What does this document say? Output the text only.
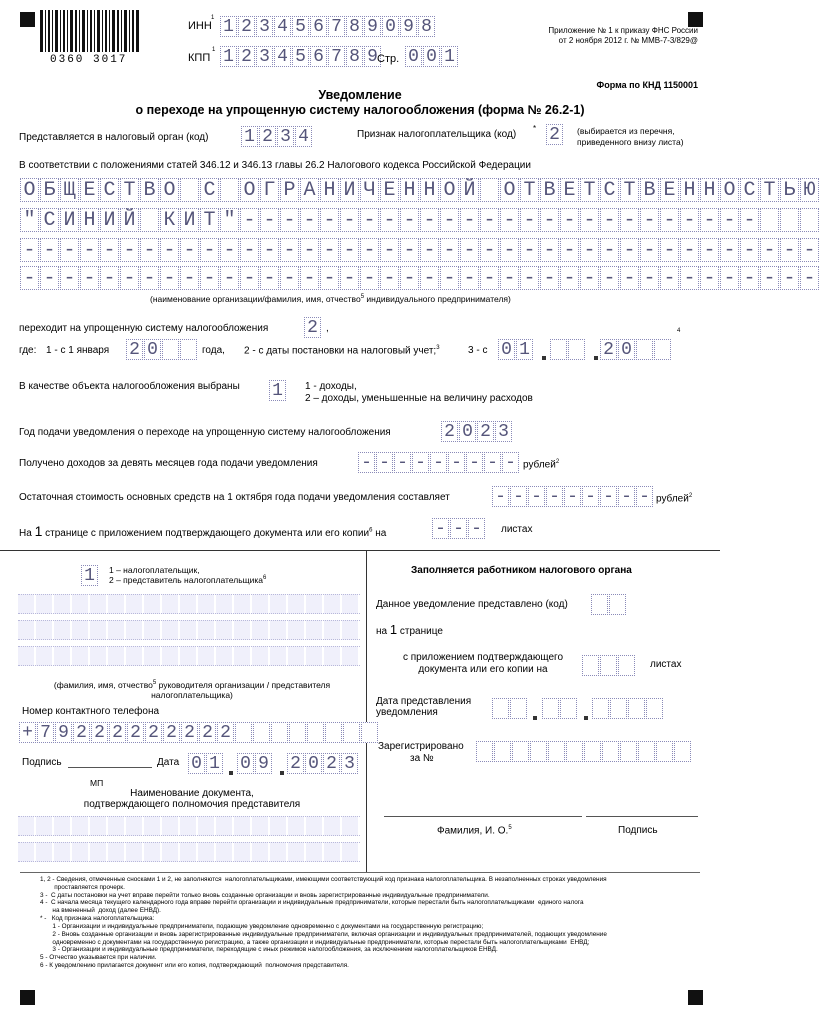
0360 3017
ИНН
1 1 2 3 4 5 6 7 8 9 0 9 8
КПП
1 1 2 3 4 5 6 7 8 9 Стр. 0 0 1
Приложение № 1 к приказу ФНС России
от 2 ноября 2012 г. № ММВ-7-3/829@
Форма по КНД 1150001
Уведомление
о переходе на упрощенную систему налогообложения (форма № 26.2-1)
Представляется в налоговый орган (код) 1 2 3 4	Признак налогоплательщика (код)
* 2	(выбирается из перечня,
приведенного внизу листа)
В соответствии с положениями статей 346.12 и 346.13 главы 26.2 Налогового кодекса Российской Федерации
О Б Щ Е С Т В О С О Г Р А Н И Ч Е Н Н О Й О Т В Е Т С Т В Е Н Н О С Т Ь Ю
" С И Н И Й К И Т " - - - - - - - - - - - - - - - - - - - - - - - - - -
- - - - - - - - - - - - - - - - - - - - - - - - - - - - - - - - - - - - - - - -
- - - - - - - - - - - - - - - - - - - - - - - - - - - - - - - - - - - - - - - -
(наименование организации/фамилия, имя, отчество$^5$ индивидуального предпринимателя)
переходит на упрощенную систему налогообложения 2 ,
где: 1 - с 1 января 2 0	года, 2 - с даты постановки на налоговый учет;$^3$	3 - с 0 1	2 0
4
В качестве объекта налогообложения выбраны 1	1 - доходы,
2 – доходы, уменьшенные на величину расходов
Год подачи уведомления о переходе на упрощенную систему налогообложения	2 0 2 3
Получено доходов за девять месяцев года подачи уведомления - - - - - - - - - рублей$^2$
Остаточная стоимость основных средств на 1 октября года подачи уведомления составляет	- - - - - - - - - рублей$^2$
На 1 странице с приложением подтверждающего документа или его копии$^6$ на	- - -	листах
1	1 – налогоплательщик,
2 – представитель налогоплательщика$^6$
(фамилия, имя, отчество$^5$ руководителя организации / представителя
налогоплательщика)
Номер контактного телефона
+ 7 9 2 2 2 2 2 2 2 2 2
Подпись	Дата 0 1 0 9 2 0 2 3
МП
Наименование документа,
подтверждающего полномочия представителя
Заполняется работником налогового органа
Данное уведомление представлено (код)
на 1 странице
с приложением подтверждающего
документа или его копии на	листах
Дата представления
уведомления
Зарегистрировано
за №
Фамилия, И. О.$^5$	Подпись
1, 2 - Сведения, отмеченные сносками 1 и 2, не заполняются  налогоплательщиками, имеющими соответствующий код признака налогоплательщика. В незаполненных строках уведомления
проставляется прочерк.
3 -  С даты постановки на учет вправе перейти только вновь созданные организации и вновь зарегистрированные индивидуальные предприниматели.
4 -  С начала месяца текущего календарного года вправе перейти организации и индивидуальные предприниматели, которые перестали быть налогоплательщиками  единого налога
на вмененный  доход (далее ЕНВД).
* -   Код признака налогоплательщика:
1 - Организации и индивидуальные предприниматели, подающие уведомление одновременно с документами на государственную регистрацию;
2 - Вновь созданные организации и вновь зарегистрированные индивидуальные предприниматели, включая организации и индивидуальных предпринимателей, подающих уведомление
одновременно с документами на государственную регистрацию, а также организации и индивидуальные предприниматели, которые перестали быть налогоплательщиками  ЕНВД;
3 - Организации и индивидуальные предприниматели, переходящие с иных режимов налогообложения, за исключением налогоплательщиков ЕНВД.
5 - Отчество указывается при наличии.
6 - К уведомлению прилагается документ или его копия, подтверждающий  полномочия представителя.
